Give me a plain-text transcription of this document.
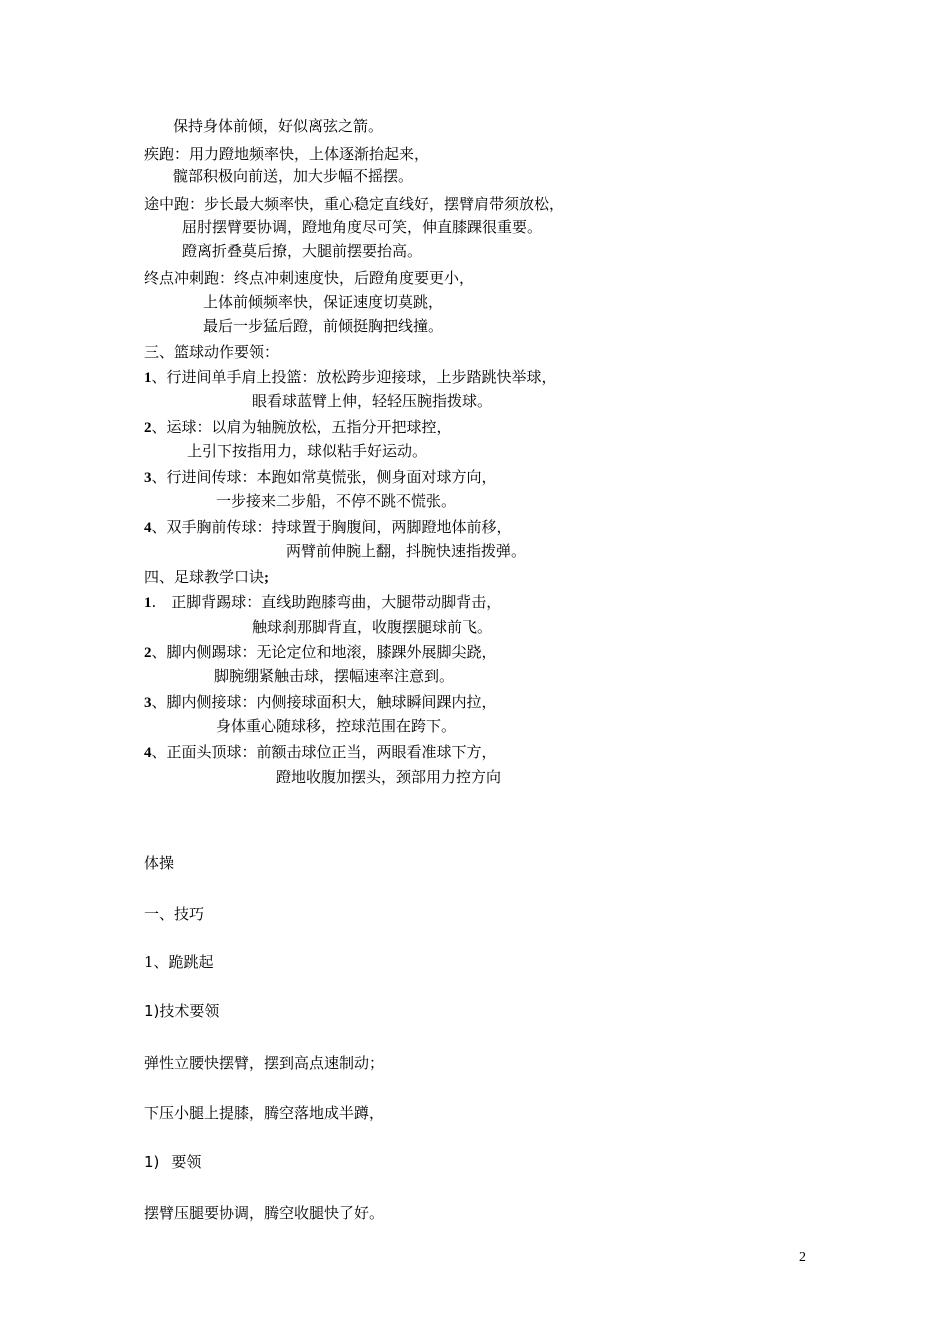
保持身体前倾，好似离弦之箭。
疾跑：用力蹬地频率快，上体逐渐抬起来，
髋部积极向前送，加大步幅不摇摆。
途中跑：步长最大频率快，重心稳定直线好，摆臂肩带须放松，
屈肘摆臂要协调，蹬地角度尽可笑，伸直膝踝很重要。
蹬离折叠莫后撩，大腿前摆要抬高。
终点冲刺跑：终点冲刺速度快，后蹬角度要更小，
上体前倾频率快，保证速度切莫跳，
最后一步猛后蹬，前倾挺胸把线撞。
三、篮球动作要领：
1、行进间单手肩上投篮：放松跨步迎接球，上步踏跳快举球，
眼看球蓝臂上伸，轻轻压腕指拨球。
2、运球：以肩为轴腕放松，五指分开把球控，
上引下按指用力，球似粘手好运动。
3、行进间传球：本跑如常莫慌张，侧身面对球方向，
一步接来二步船，不停不跳不慌张。
4、双手胸前传球：持球置于胸腹间，两脚蹬地体前移，
两臂前伸腕上翻，抖腕快速指拨弹。
四、足球教学口诀;
1.　正脚背踢球：直线助跑膝弯曲，大腿带动脚背击，
触球刹那脚背直，收腹摆腿球前飞。
2、脚内侧踢球：无论定位和地滚，膝踝外展脚尖跷，
脚腕绷紧触击球，摆幅速率注意到。
3、脚内侧接球：内侧接球面积大，触球瞬间踝内拉，
身体重心随球移，控球范围在跨下。
4、正面头顶球：前额击球位正当，两眼看准球下方，
蹬地收腹加摆头，颈部用力控方向
体操
一、技巧
1、跪跳起
1)技术要领
弹性立腰快摆臂，摆到高点速制动；
下压小腿上提膝，腾空落地成半蹲，
1) 要领
摆臂压腿要协调，腾空收腿快了好。
2
